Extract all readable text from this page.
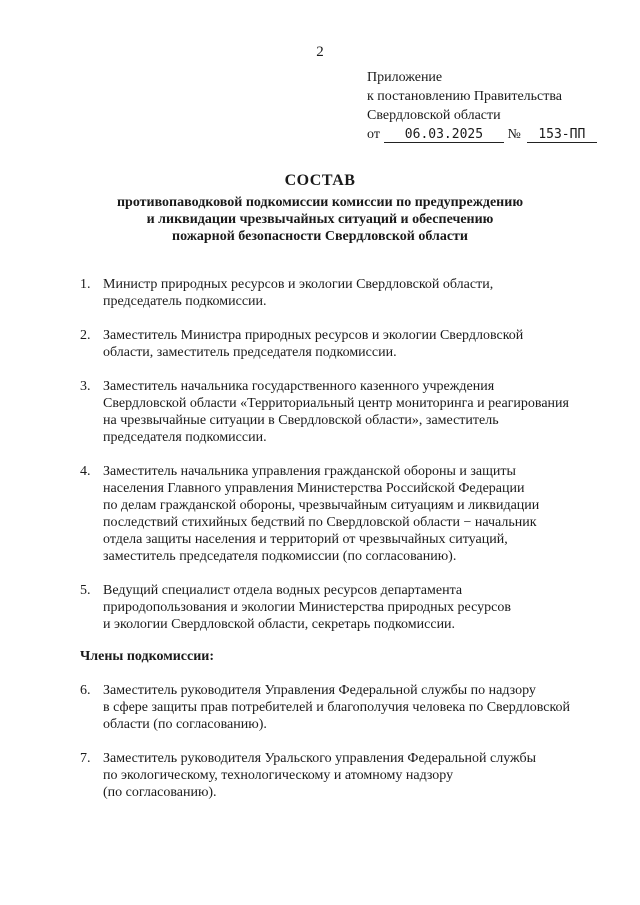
2
Приложение
к постановлению Правительства
Свердловской области
от 06.03.2025 № 153-ПП
СОСТАВ
противопаводковой подкомиссии комиссии по предупреждению
и ликвидации чрезвычайных ситуаций и обеспечению
пожарной безопасности Свердловской области
1. Министр природных ресурсов и экологии Свердловской области,
председатель подкомиссии.
2. Заместитель Министра природных ресурсов и экологии Свердловской
области, заместитель председателя подкомиссии.
3. Заместитель начальника государственного казенного учреждения
Свердловской области «Территориальный центр мониторинга и реагирования
на чрезвычайные ситуации в Свердловской области», заместитель
председателя подкомиссии.
4. Заместитель начальника управления гражданской обороны и защиты
населения Главного управления Министерства Российской Федерации
по делам гражданской обороны, чрезвычайным ситуациям и ликвидации
последствий стихийных бедствий по Свердловской области − начальник
отдела защиты населения и территорий от чрезвычайных ситуаций,
заместитель председателя подкомиссии (по согласованию).
5. Ведущий специалист отдела водных ресурсов департамента
природопользования и экологии Министерства природных ресурсов
и экологии Свердловской области, секретарь подкомиссии.
Члены подкомиссии:
6. Заместитель руководителя Управления Федеральной службы по надзору
в сфере защиты прав потребителей и благополучия человека по Свердловской
области (по согласованию).
7. Заместитель руководителя Уральского управления Федеральной службы
по экологическому, технологическому и атомному надзору
(по согласованию).
